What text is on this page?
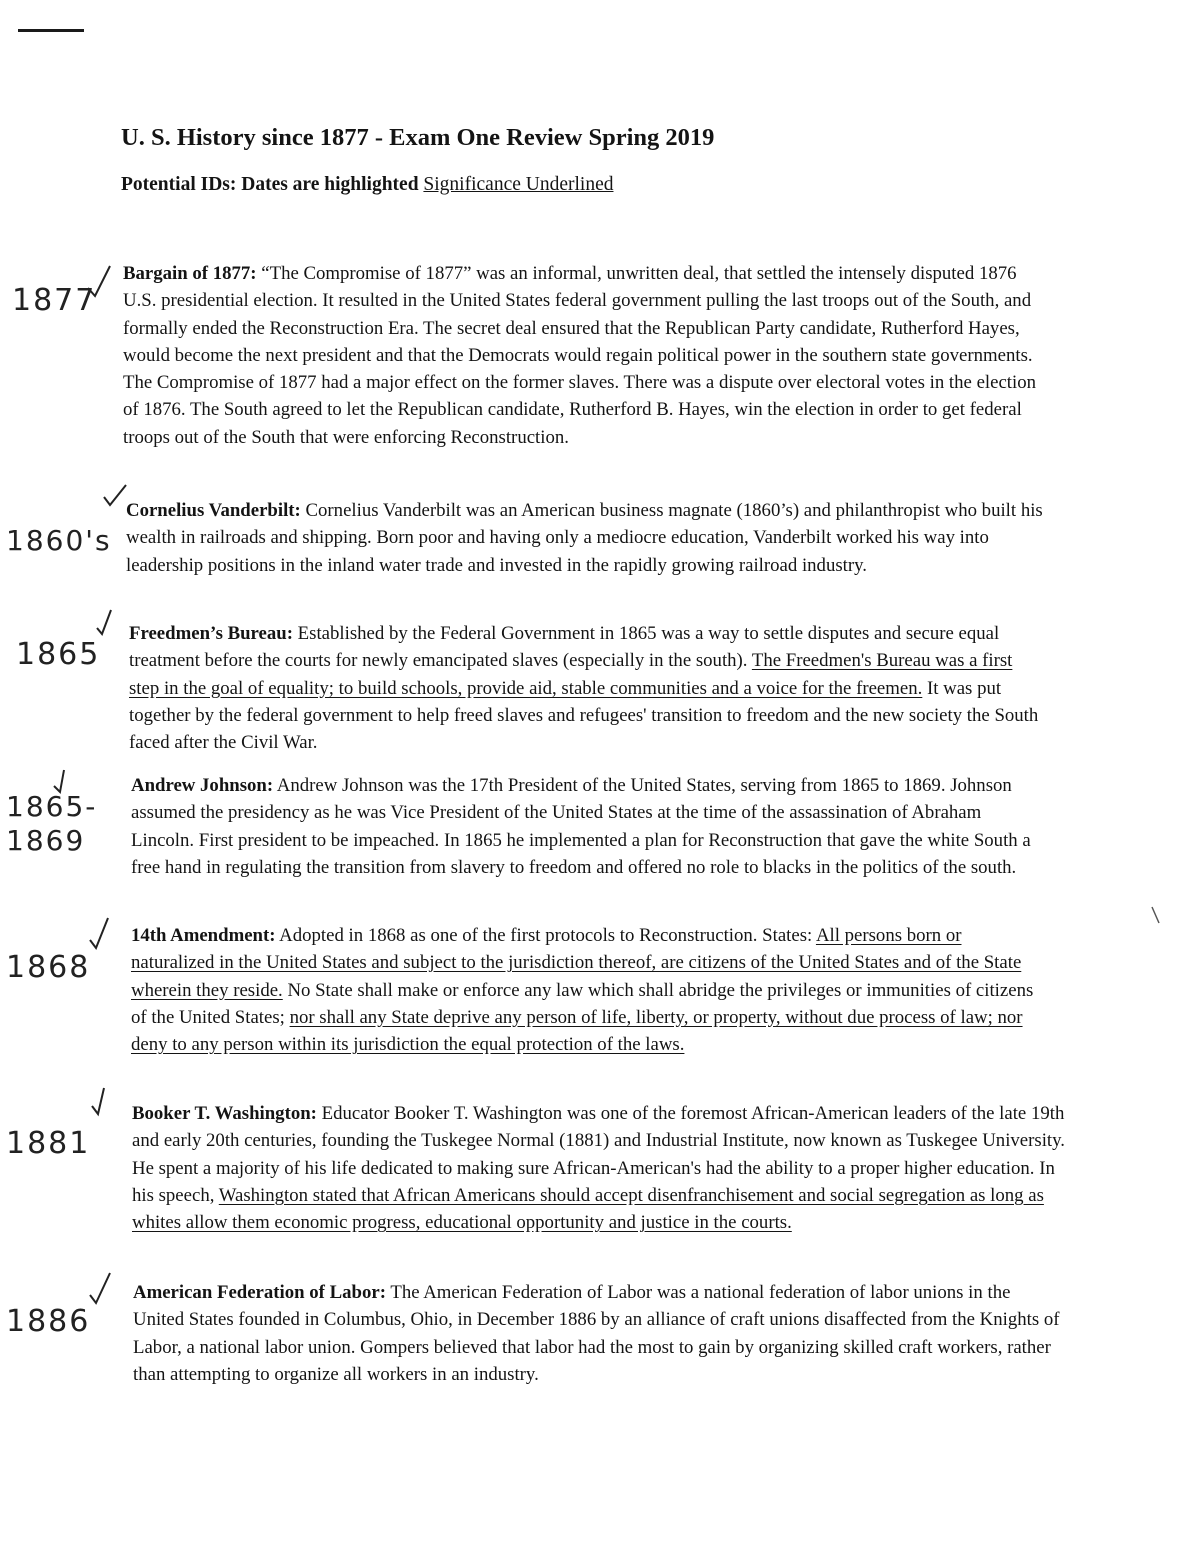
U. S. History since 1877 - Exam One Review Spring 2019
Potential IDs: Dates are highlighted Significance Underlined
1877
1860's
1865
1865-
1869
1868
1881
1886

Bargain of 1877: “The Compromise of 1877” was an informal, unwritten deal, that settled the intensely disputed 1876 U.S. presidential election. It resulted in the United States federal government pulling the last troops out of the South, and formally ended the Reconstruction Era. The secret deal ensured that the Republican Party candidate, Rutherford Hayes, would become the next president and that the Democrats would regain political power in the southern state governments. The Compromise of 1877 had a major effect on the former slaves. There was a dispute over electoral votes in the election of 1876. The South agreed to let the Republican candidate, Rutherford B. Hayes, win the election in order to get federal troops out of the South that were enforcing Reconstruction.

Cornelius Vanderbilt: Cornelius Vanderbilt was an American business magnate (1860’s) and philanthropist who built his wealth in railroads and shipping. Born poor and having only a mediocre education, Vanderbilt worked his way into leadership positions in the inland water trade and invested in the rapidly growing railroad industry.

Freedmen’s Bureau: Established by the Federal Government in 1865 was a way to settle disputes and secure equal treatment before the courts for newly emancipated slaves (especially in the south). The Freedmen's Bureau was a first step in the goal of equality; to build schools, provide aid, stable communities and a voice for the freemen. It was put together by the federal government to help freed slaves and refugees' transition to freedom and the new society the South faced after the Civil War.

Andrew Johnson: Andrew Johnson was the 17th President of the United States, serving from 1865 to 1869. Johnson assumed the presidency as he was Vice President of the United States at the time of the assassination of Abraham Lincoln. First president to be impeached. In 1865 he implemented a plan for Reconstruction that gave the white South a free hand in regulating the transition from slavery to freedom and offered no role to blacks in the politics of the south.

14th Amendment: Adopted in 1868 as one of the first protocols to Reconstruction. States: All persons born or naturalized in the United States and subject to the jurisdiction thereof, are citizens of the United States and of the State wherein they reside. No State shall make or enforce any law which shall abridge the privileges or immunities of citizens of the United States; nor shall any State deprive any person of life, liberty, or property, without due process of law; nor deny to any person within its jurisdiction the equal protection of the laws.

Booker T. Washington: Educator Booker T. Washington was one of the foremost African-American leaders of the late 19th and early 20th centuries, founding the Tuskegee Normal (1881) and Industrial Institute, now known as Tuskegee University. He spent a majority of his life dedicated to making sure African-American's had the ability to a proper higher education. In his speech, Washington stated that African Americans should accept disenfranchisement and social segregation as long as whites allow them economic progress, educational opportunity and justice in the courts.

American Federation of Labor: The American Federation of Labor was a national federation of labor unions in the United States founded in Columbus, Ohio, in December 1886 by an alliance of craft unions disaffected from the Knights of Labor, a national labor union. Gompers believed that labor had the most to gain by organizing skilled craft workers, rather than attempting to organize all workers in an industry.
